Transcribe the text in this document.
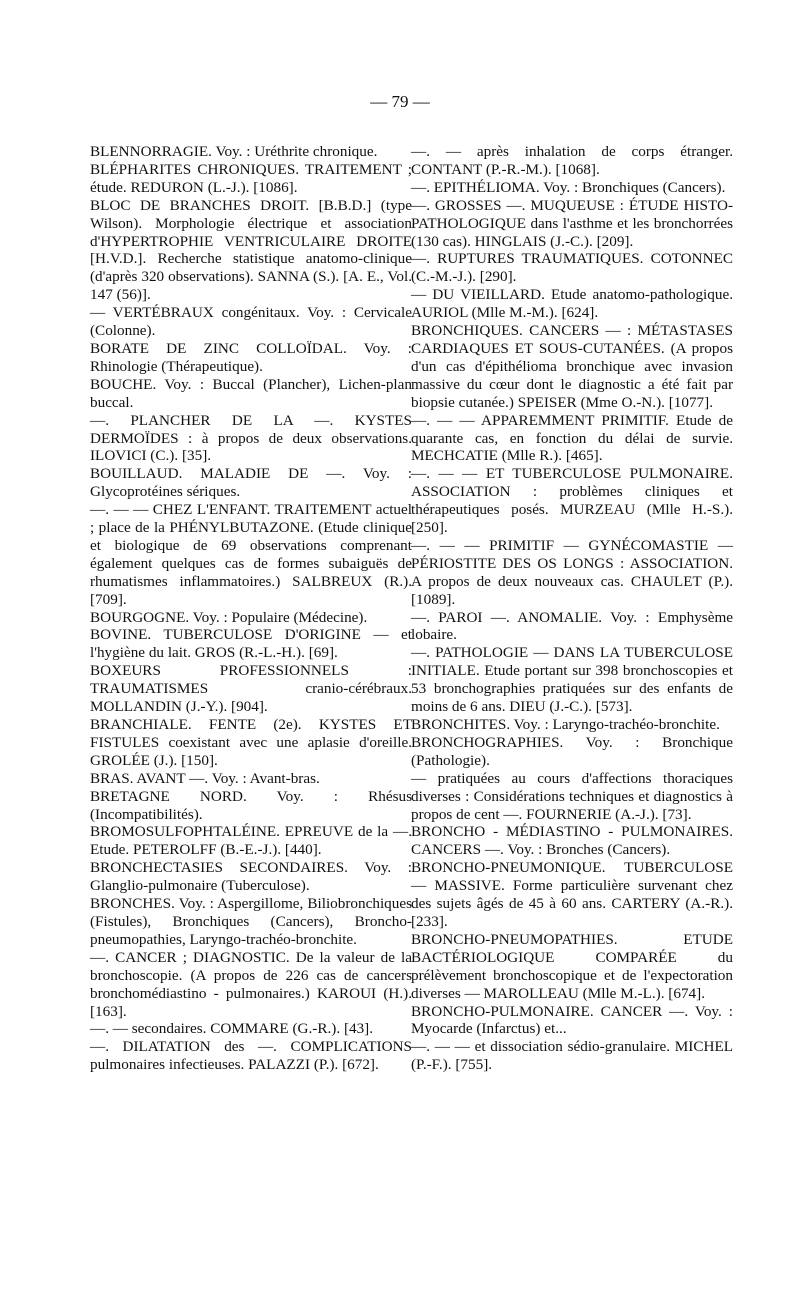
— 79 —

BLENNORRAGIE. Voy. : Uréthrite chronique.

BLÉPHARITES CHRONIQUES. TRAITEMENT ; étude. REDURON (L.-J.). [1086].

BLOC DE BRANCHES DROIT. [B.B.D.] (type Wilson). Morphologie électrique et association d'HYPERTROPHIE VENTRICULAIRE DROITE [H.V.D.]. Recherche statistique anatomo-clinique (d'après 320 observations). SANNA (S.). [A. E., Vol. 147 (56)].

— VERTÉBRAUX congénitaux. Voy. : Cervicale (Colonne).

BORATE DE ZINC COLLOÏDAL. Voy. : Rhinologie (Thérapeutique).

BOUCHE. Voy. : Buccal (Plancher), Lichen-plan buccal.

—. PLANCHER DE LA —. KYSTES DERMOÏDES : à propos de deux observations. ILOVICI (C.). [35].

BOUILLAUD. MALADIE DE —. Voy. : Glycoprotéines sériques.

—. — — CHEZ L'ENFANT. TRAITEMENT actuel ; place de la PHÉNYLBUTAZONE. (Etude clinique et biologique de 69 observations comprenant également quelques cas de formes subaiguës de rhumatismes inflammatoires.) SALBREUX (R.). [709].

BOURGOGNE. Voy. : Populaire (Médecine).

BOVINE. TUBERCULOSE D'ORIGINE — et l'hygiène du lait. GROS (R.-L.-H.). [69].

BOXEURS PROFESSIONNELS : TRAUMATISMES cranio-cérébraux. MOLLANDIN (J.-Y.). [904].

BRANCHIALE. FENTE (2e). KYSTES ET FISTULES coexistant avec une aplasie d'oreille. GROLÉE (J.). [150].

BRAS. AVANT —. Voy. : Avant-bras.

BRETAGNE NORD. Voy. : Rhésus (Incompatibilités).

BROMOSULFOPHTALÉINE. EPREUVE de la —. Etude. PETEROLFF (B.-E.-J.). [440].

BRONCHECTASIES SECONDAIRES. Voy. : Glanglio-pulmonaire (Tuberculose).

BRONCHES. Voy. : Aspergillome, Biliobronchiques (Fistules), Bronchiques (Cancers), Broncho-pneumopathies, Laryngo-trachéo-bronchite.

—. CANCER ; DIAGNOSTIC. De la valeur de la bronchoscopie. (A propos de 226 cas de cancers bronchomédiastino - pulmonaires.) KAROUI (H.). [163].

—. — secondaires. COMMARE (G.-R.). [43].

—. DILATATION des —. COMPLICATIONS pulmonaires infectieuses. PALAZZI (P.). [672].

—. — après inhalation de corps étranger. CONTANT (P.-R.-M.). [1068].

—. EPITHÉLIOMA. Voy. : Bronchiques (Cancers).

—. GROSSES —. MUQUEUSE : ÉTUDE HISTO-PATHOLOGIQUE dans l'asthme et les bronchorrées (130 cas). HINGLAIS (J.-C.). [209].

—. RUPTURES TRAUMATIQUES. COTONNEC (C.-M.-J.). [290].

— DU VIEILLARD. Etude anatomo-pathologique. AURIOL (Mlle M.-M.). [624].

BRONCHIQUES. CANCERS — : MÉTASTASES CARDIAQUES ET SOUS-CUTANÉES. (A propos d'un cas d'épithélioma bronchique avec invasion massive du cœur dont le diagnostic a été fait par biopsie cutanée.) SPEISER (Mme O.-N.). [1077].

—. — — APPAREMMENT PRIMITIF. Etude de quarante cas, en fonction du délai de survie. MECHCATIE (Mlle R.). [465].

—. — — ET TUBERCULOSE PULMONAIRE. ASSOCIATION : problèmes cliniques et thérapeutiques posés. MURZEAU (Mlle H.-S.). [250].

—. — — PRIMITIF — GYNÉCOMASTIE — PÉRIOSTITE DES OS LONGS : ASSOCIATION. A propos de deux nouveaux cas. CHAULET (P.). [1089].

—. PAROI —. ANOMALIE. Voy. : Emphysème lobaire.

—. PATHOLOGIE — DANS LA TUBERCULOSE INITIALE. Etude portant sur 398 bronchoscopies et 53 bronchographies pratiquées sur des enfants de moins de 6 ans. DIEU (J.-C.). [573].

BRONCHITES. Voy. : Laryngo-trachéo-bronchite.

BRONCHOGRAPHIES. Voy. : Bronchique (Pathologie).

— pratiquées au cours d'affections thoraciques diverses : Considérations techniques et diagnostics à propos de cent —. FOURNERIE (A.-J.). [73].

BRONCHO - MÉDIASTINO - PULMONAIRES. CANCERS —. Voy. : Bronches (Cancers).

BRONCHO-PNEUMONIQUE. TUBERCULOSE — MASSIVE. Forme particulière survenant chez des sujets âgés de 45 à 60 ans. CARTERY (A.-R.). [233].

BRONCHO-PNEUMOPATHIES. ETUDE BACTÉRIOLOGIQUE COMPARÉE du prélèvement bronchoscopique et de l'expectoration diverses — MAROLLEAU (Mlle M.-L.). [674].

BRONCHO-PULMONAIRE. CANCER —. Voy. : Myocarde (Infarctus) et...

—. — — et dissociation sédio-granulaire. MICHEL (P.-F.). [755].
